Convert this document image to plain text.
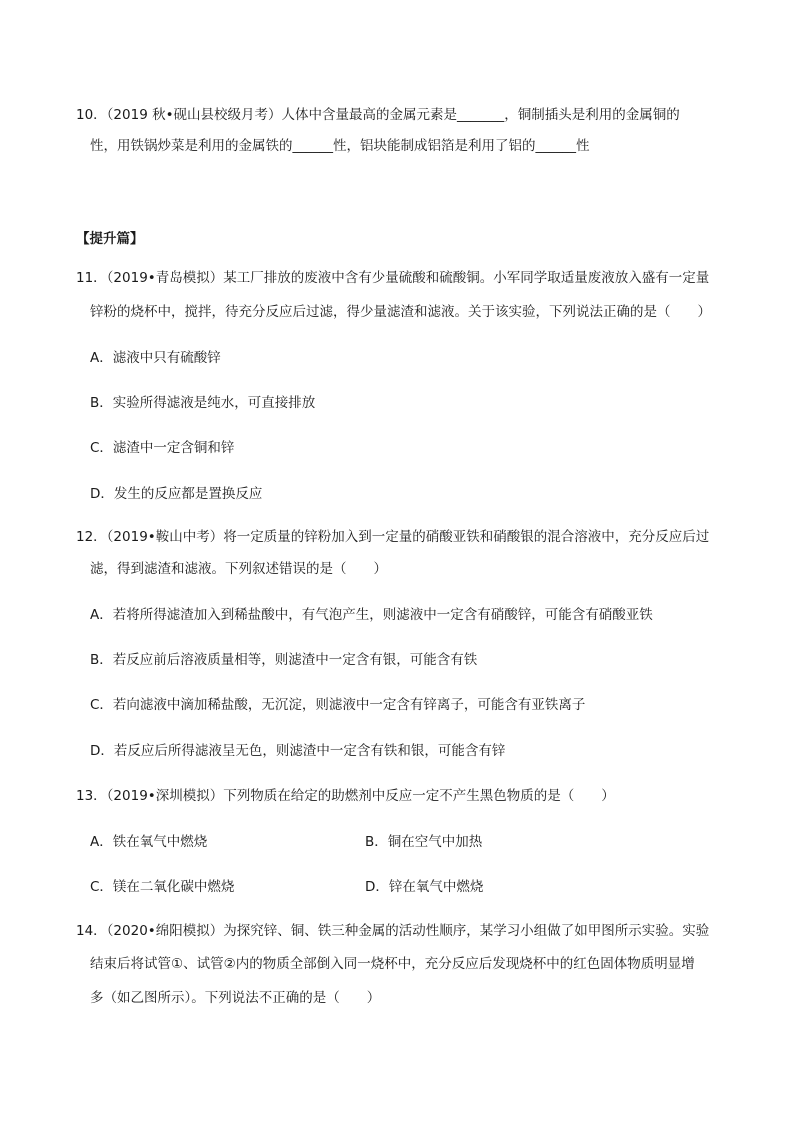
10．（2019 秋•砚山县校级月考）人体中含量最高的金属元素是_______，铜制插头是利用的金属铜的
性，用铁锅炒菜是利用的金属铁的______性，铝块能制成铝箔是利用了铝的______性
【提升篇】
11．（2019•青岛模拟）某工厂排放的废液中含有少量硫酸和硫酸铜。小军同学取适量废液放入盛有一定量
锌粉的烧杯中，搅拌，待充分反应后过滤，得少量滤渣和滤液。关于该实验，下列说法正确的是（　　）
A．滤液中只有硫酸锌
B．实验所得滤液是纯水，可直接排放
C．滤渣中一定含铜和锌
D．发生的反应都是置换反应
12．（2019•鞍山中考）将一定质量的锌粉加入到一定量的硝酸亚铁和硝酸银的混合溶液中，充分反应后过
滤，得到滤渣和滤液。下列叙述错误的是（　　）
A．若将所得滤渣加入到稀盐酸中，有气泡产生，则滤液中一定含有硝酸锌，可能含有硝酸亚铁
B．若反应前后溶液质量相等，则滤渣中一定含有银，可能含有铁
C．若向滤液中滴加稀盐酸，无沉淀，则滤液中一定含有锌离子，可能含有亚铁离子
D．若反应后所得滤液呈无色，则滤渣中一定含有铁和银，可能含有锌
13．（2019•深圳模拟）下列物质在给定的助燃剂中反应一定不产生黑色物质的是（　　）
A．铁在氧气中燃烧	B．铜在空气中加热
C．镁在二氧化碳中燃烧	D．锌在氧气中燃烧
14．（2020•绵阳模拟）为探究锌、铜、铁三种金属的活动性顺序，某学习小组做了如甲图所示实验。实验
结束后将试管①、试管②内的物质全部倒入同一烧杯中，充分反应后发现烧杯中的红色固体物质明显增
多（如乙图所示）。下列说法不正确的是（　　）
